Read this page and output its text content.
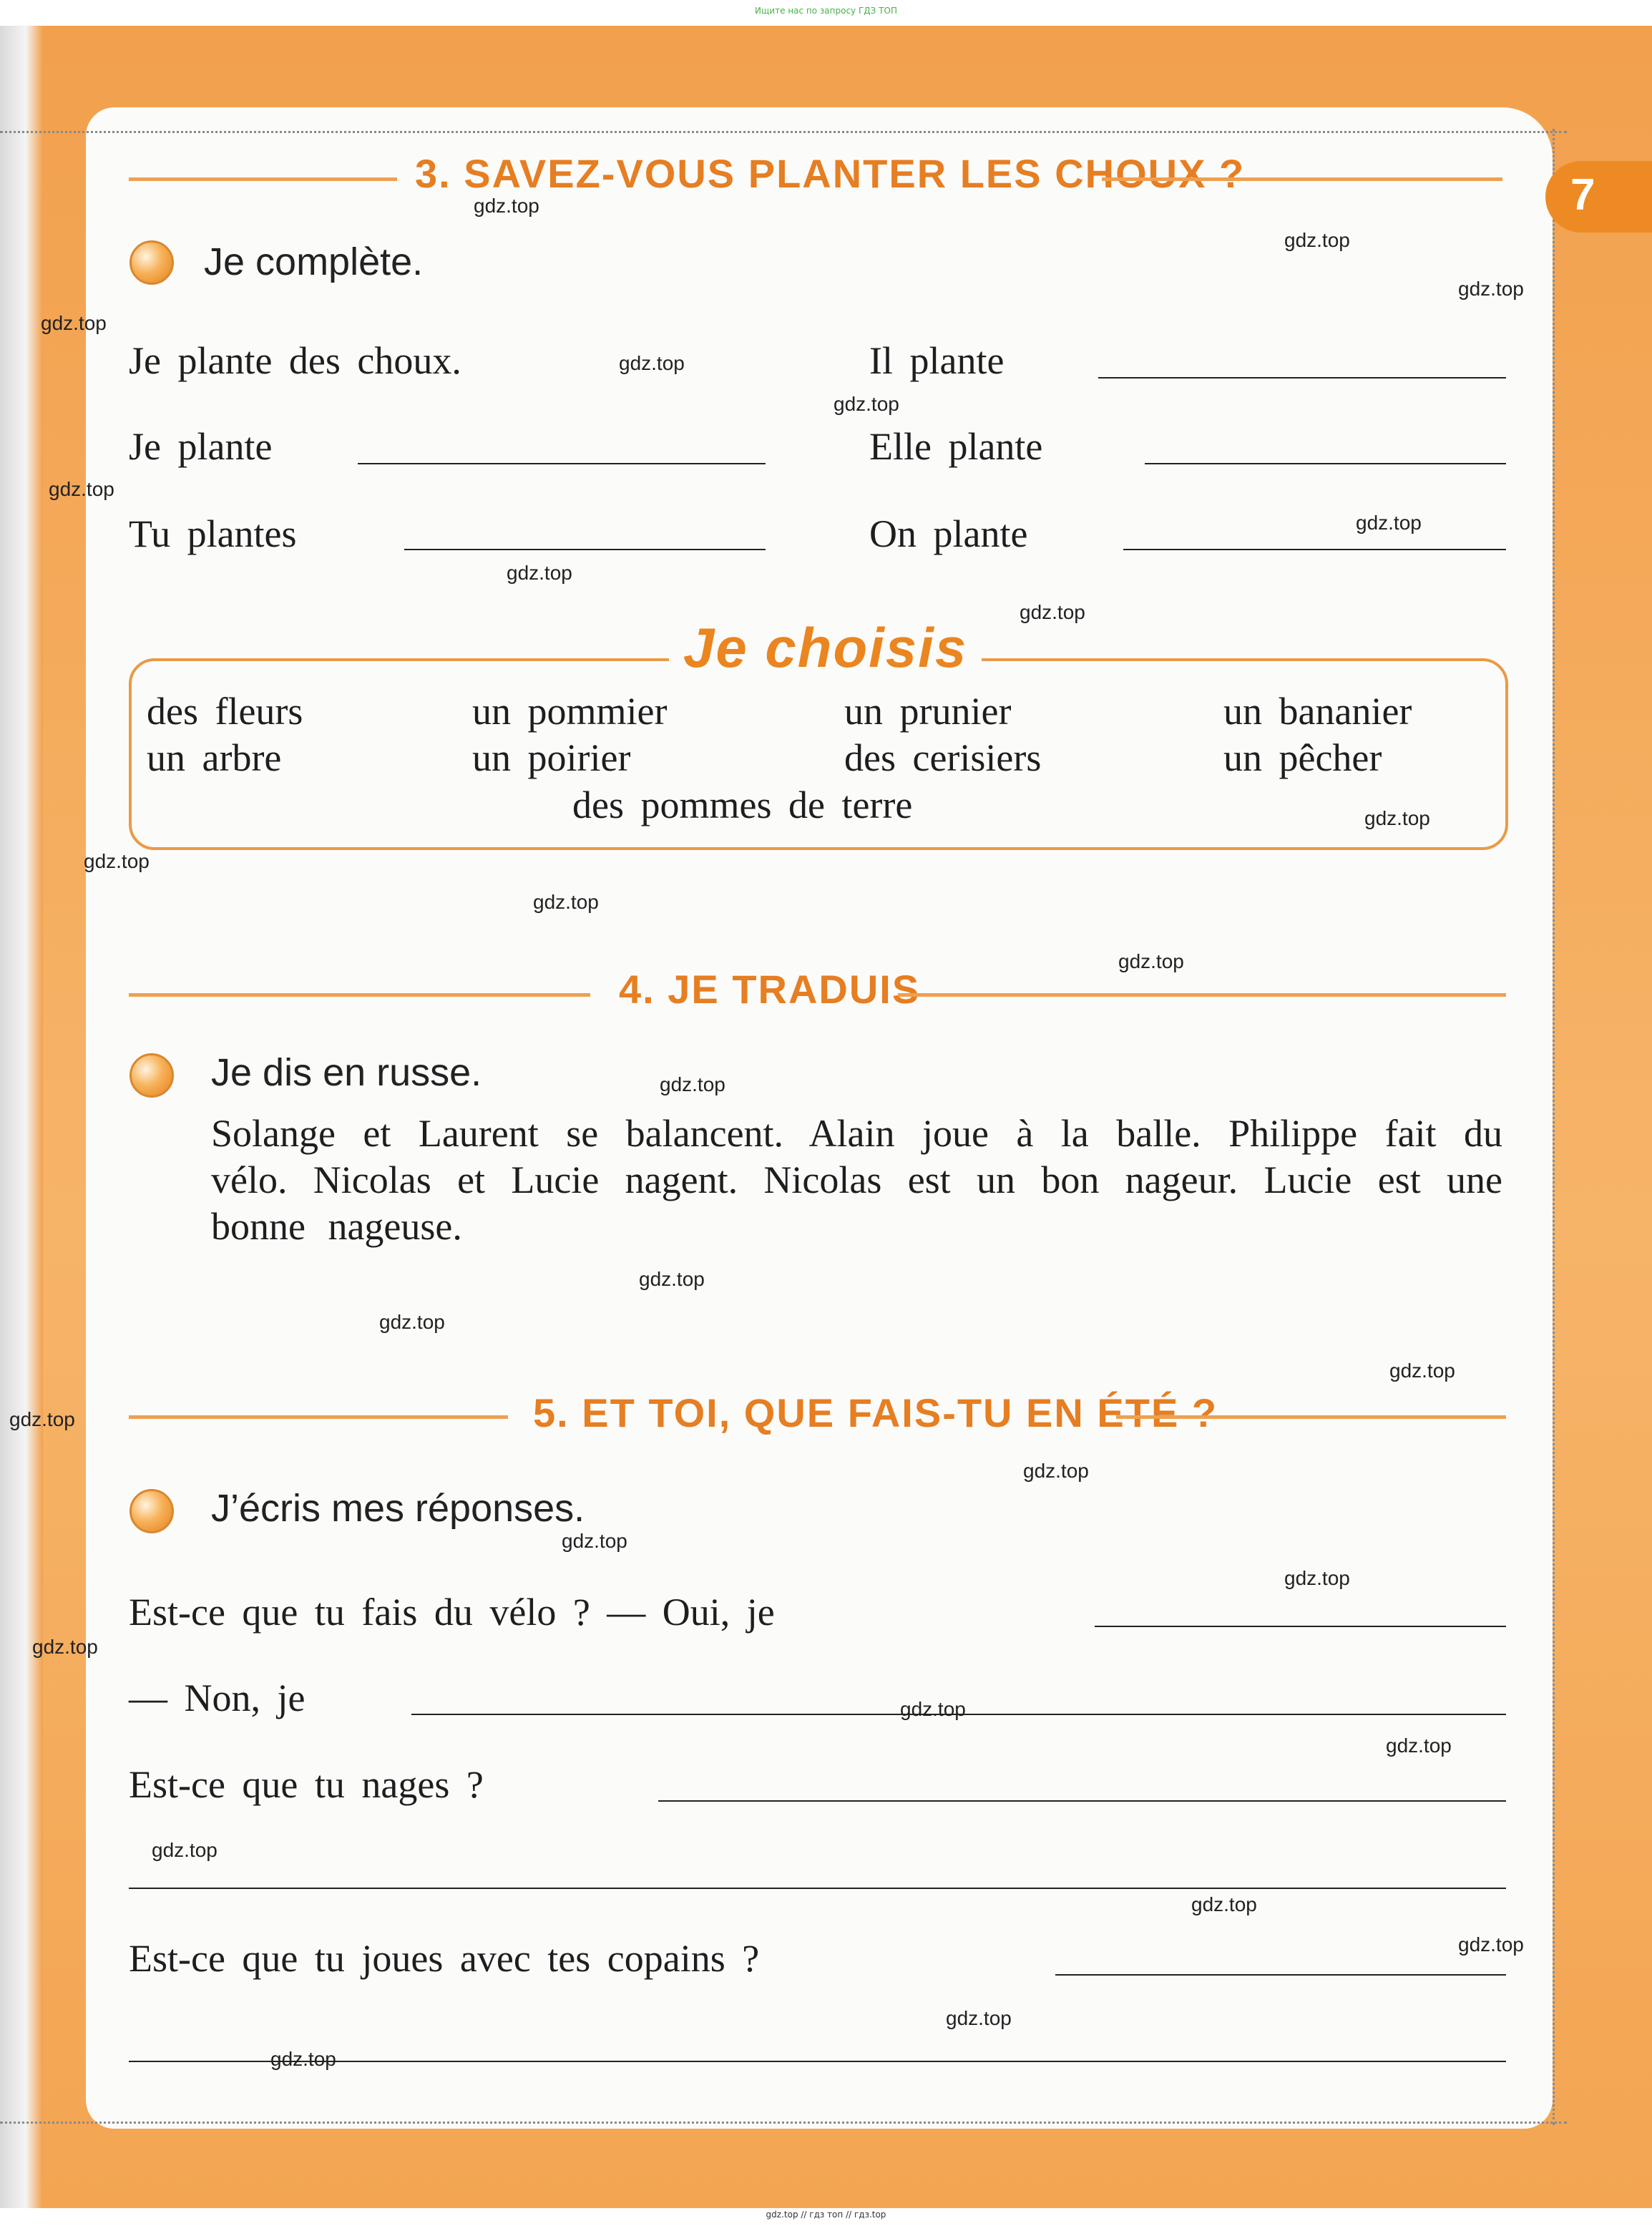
7
Ищите нас по запросу ГДЗ ТОП
gdz.top // гдз топ // гдз.top
3. SAVEZ-VOUS PLANTER LES CHOUX ?
Je complète.
Je plante des choux.	Il plante
Je plante	Elle plante
Tu plantes	On plante
Je choisis
des fleurs	un pommier	un prunier	un bananier
un arbre	un poirier	des cerisiers	un pêcher
des pommes de terre
4. JE TRADUIS
Je dis en russe.
Solange et Laurent se balancent. Alain joue à la balle. Philippe fait du vélo. Nicolas et Lucie nagent. Nicolas est un bon nageur. Lucie est une bonne nageuse.
5. ET TOI, QUE FAIS-TU EN ÉTÉ ?
J’écris mes réponses.
Est-ce que tu fais du vélo ? — Oui, je
— Non, je
Est-ce que tu nages ?
Est-ce que tu joues avec tes copains ?
gdz.top
gdz.top
gdz.top
gdz.top
gdz.top
gdz.top
gdz.top
gdz.top
gdz.top
gdz.top
gdz.top
gdz.top
gdz.top
gdz.top
gdz.top
gdz.top
gdz.top
gdz.top
gdz.top
gdz.top
gdz.top
gdz.top
gdz.top
gdz.top
gdz.top
gdz.top
gdz.top
gdz.top
gdz.top
gdz.top
